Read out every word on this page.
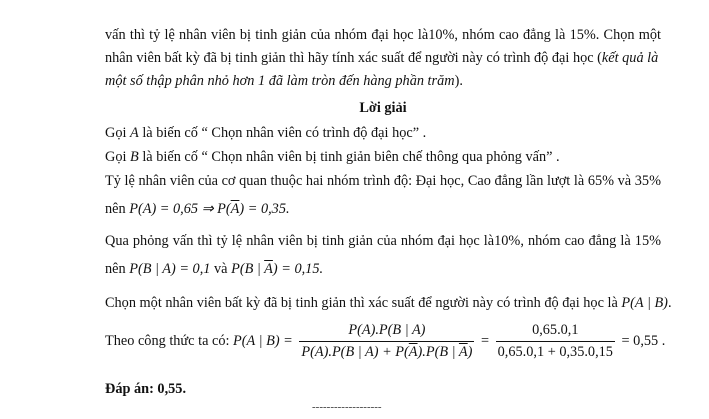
vấn thì tỷ lệ nhân viên bị tinh giản của nhóm đại học là10%, nhóm cao đẳng là 15%. Chọn một
nhân viên bất kỳ đã bị tinh giản thì hãy tính xác suất để người này có trình độ đại học (kết quả là
một số thập phân nhỏ hơn 1 đã làm tròn đến hàng phần trăm).
Lời giải
Gọi A là biến cố “ Chọn nhân viên có trình độ đại học” .
Gọi B là biến cố “ Chọn nhân viên bị tinh giản biên chế thông qua phỏng vấn” .
Tỷ lệ nhân viên của cơ quan thuộc hai nhóm trình độ: Đại học, Cao đẳng lần lượt là 65% và 35%
nên P(A) = 0,65 ⇒ $P(\overline{A}) = 0,35$.
Qua phỏng vấn thì tỷ lệ nhân viên bị tinh giản của nhóm đại học là10%, nhóm cao đẳng là 15%
nên P(B | A) = 0,1 và P(B | $\overline{A}) = 0,15$.
Chọn một nhân viên bất kỳ đã bị tinh giản thì xác suất để người này có trình độ đại học là P(A | B).
Theo công thức ta có: P(A | $B) = \frac{P(A).P(B | A)}{P(A).P(B | A) + P(\overline{A}).P(B | \overline{A})} = \frac{0,65.0,1}{0,65.0,1 + 0,35.0,15} = 0,55$ .
Đáp án: 0,55.
-------------------
